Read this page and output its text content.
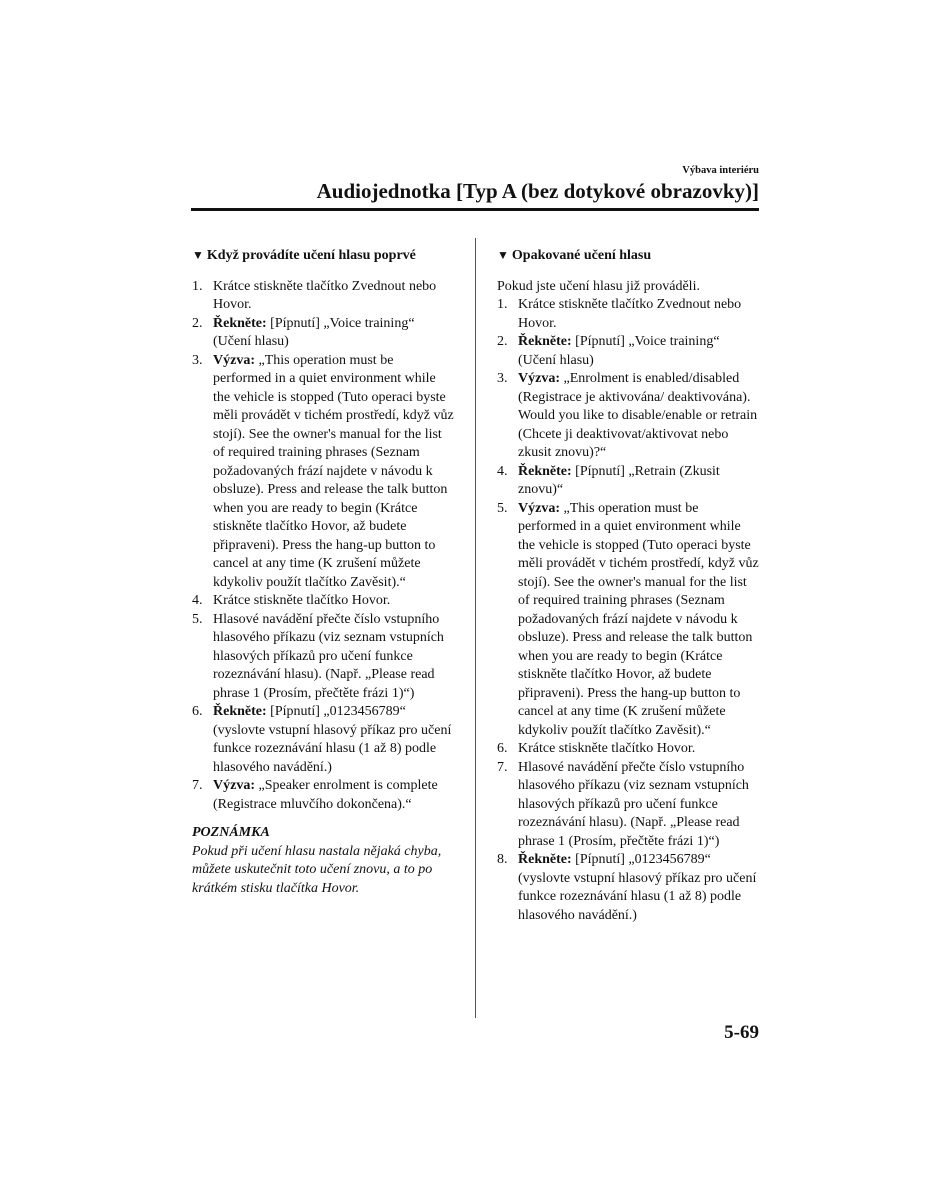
Výbava interiéru
Audiojednotka [Typ A (bez dotykové obrazovky)]
▼ Když provádíte učení hlasu poprvé
1. Krátce stiskněte tlačítko Zvednout nebo Hovor.
2. Řekněte: [Pípnutí] „Voice training“ (Učení hlasu)
3. Výzva: „This operation must be performed in a quiet environment while the vehicle is stopped (Tuto operaci byste měli provádět v tichém prostředí, když vůz stojí). See the owner's manual for the list of required training phrases (Seznam požadovaných frází najdete v návodu k obsluze). Press and release the talk button when you are ready to begin (Krátce stiskněte tlačítko Hovor, až budete připraveni). Press the hang-up button to cancel at any time (K zrušení můžete kdykoliv použít tlačítko Zavěsit).“
4. Krátce stiskněte tlačítko Hovor.
5. Hlasové navádění přečte číslo vstupního hlasového příkazu (viz seznam vstupních hlasových příkazů pro učení funkce rozeznávání hlasu). (Např. „Please read phrase 1 (Prosím, přečtěte frázi 1)“)
6. Řekněte: [Pípnutí] „0123456789“ (vyslovte vstupní hlasový příkaz pro učení funkce rozeznávání hlasu (1 až 8) podle hlasového navádění.)
7. Výzva: „Speaker enrolment is complete (Registrace mluvčího dokončena).“

POZNÁMKA

Pokud při učení hlasu nastala nějaká chyba, můžete uskutečnit toto učení znovu, a to po krátkém stisku tlačítka Hovor.

▼ Opakované učení hlasu

Pokud jste učení hlasu již prováděli.

1. Krátce stiskněte tlačítko Zvednout nebo Hovor.
2. Řekněte: [Pípnutí] „Voice training“ (Učení hlasu)
3. Výzva: „Enrolment is enabled/disabled (Registrace je aktivována/ deaktivována). Would you like to disable/enable or retrain (Chcete ji deaktivovat/aktivovat nebo zkusit znovu)?“
4. Řekněte: [Pípnutí] „Retrain (Zkusit znovu)“
5. Výzva: „This operation must be performed in a quiet environment while the vehicle is stopped (Tuto operaci byste měli provádět v tichém prostředí, když vůz stojí). See the owner's manual for the list of required training phrases (Seznam požadovaných frází najdete v návodu k obsluze). Press and release the talk button when you are ready to begin (Krátce stiskněte tlačítko Hovor, až budete připraveni). Press the hang-up button to cancel at any time (K zrušení můžete kdykoliv použít tlačítko Zavěsit).“
6. Krátce stiskněte tlačítko Hovor.
7. Hlasové navádění přečte číslo vstupního hlasového příkazu (viz seznam vstupních hlasových příkazů pro učení funkce rozeznávání hlasu). (Např. „Please read phrase 1 (Prosím, přečtěte frázi 1)“)
8. Řekněte: [Pípnutí] „0123456789“ (vyslovte vstupní hlasový příkaz pro učení funkce rozeznávání hlasu (1 až 8) podle hlasového navádění.)
5-69
